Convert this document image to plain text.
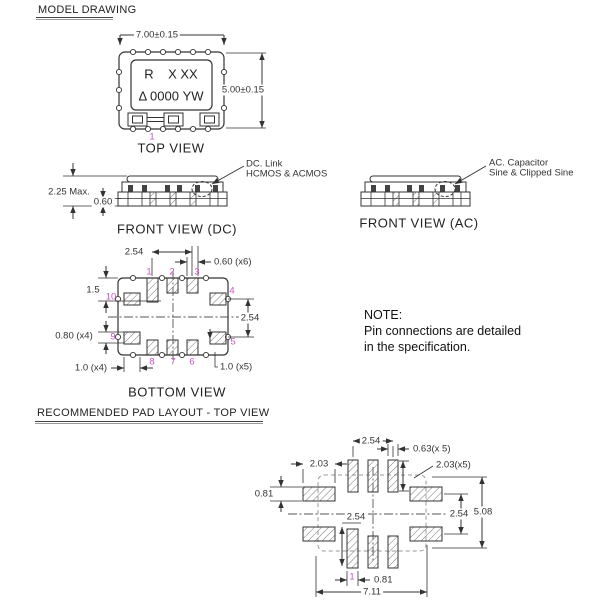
MODEL DRAWING
7.00±0.15
5.00±0.15
R    X XX
Δ 0000 YW
1
TOP VIEW
2.25 Max.
0.60
DC. Link
HCMOS & ACMOS
FRONT VIEW (DC)
AC. Capacitor
Sine & Clipped Sine
FRONT VIEW (AC)
2.54
0.60 (x6)
1.5
2.54
0.80 (x4)
1.0 (x4)	1.0 (x5)
1 2 3
4
5
6
7
8
9
10
BOTTOM VIEW
NOTE:
Pin connections are detailed
in the specification.
RECOMMENDED PAD LAYOUT - TOP VIEW
2.54
0.63(x 5)
2.03	2.03(x5)
0.81
2.54	2.54 5.08
1 0.81
7.11
